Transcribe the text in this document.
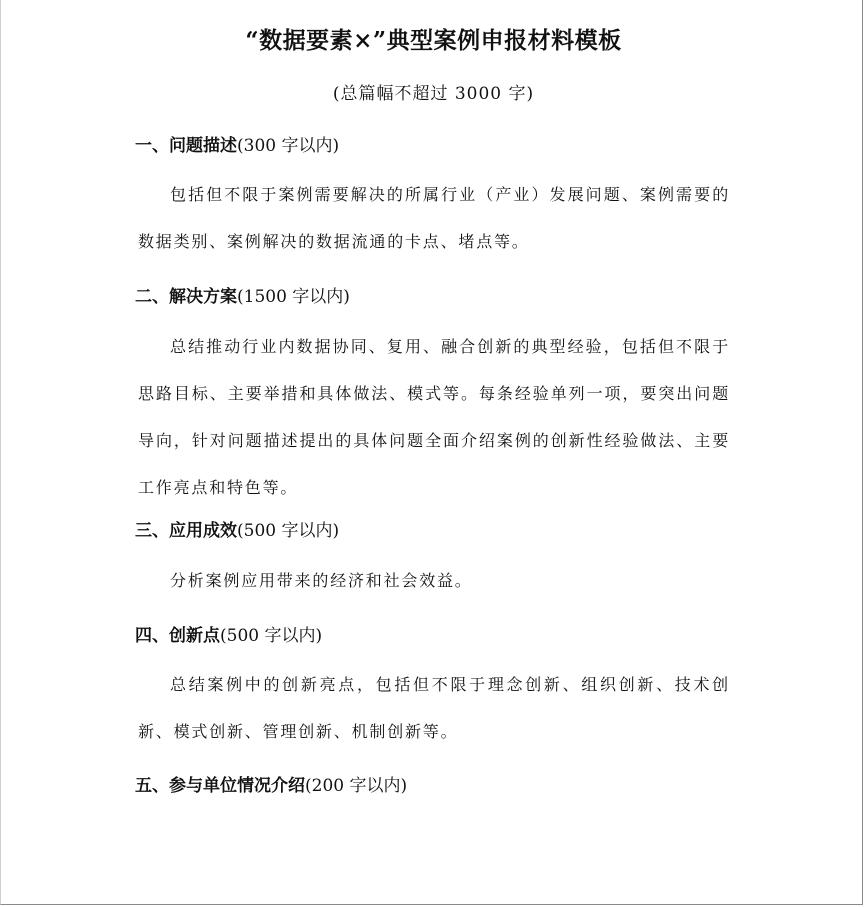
“数据要素×”典型案例申报材料模板

(总篇幅不超过 3000 字)

一、问题描述(300 字以内)

包括但不限于案例需要解决的所属行业（产业）发展问题、案例需要的数据类别、案例解决的数据流通的卡点、堵点等。

二、解决方案(1500 字以内)

总结推动行业内数据协同、复用、融合创新的典型经验，包括但不限于思路目标、主要举措和具体做法、模式等。每条经验单列一项，要突出问题导向，针对问题描述提出的具体问题全面介绍案例的创新性经验做法、主要工作亮点和特色等。

三、应用成效(500 字以内)

分析案例应用带来的经济和社会效益。

四、创新点(500 字以内)

总结案例中的创新亮点，包括但不限于理念创新、组织创新、技术创新、模式创新、管理创新、机制创新等。

五、参与单位情况介绍(200 字以内)
